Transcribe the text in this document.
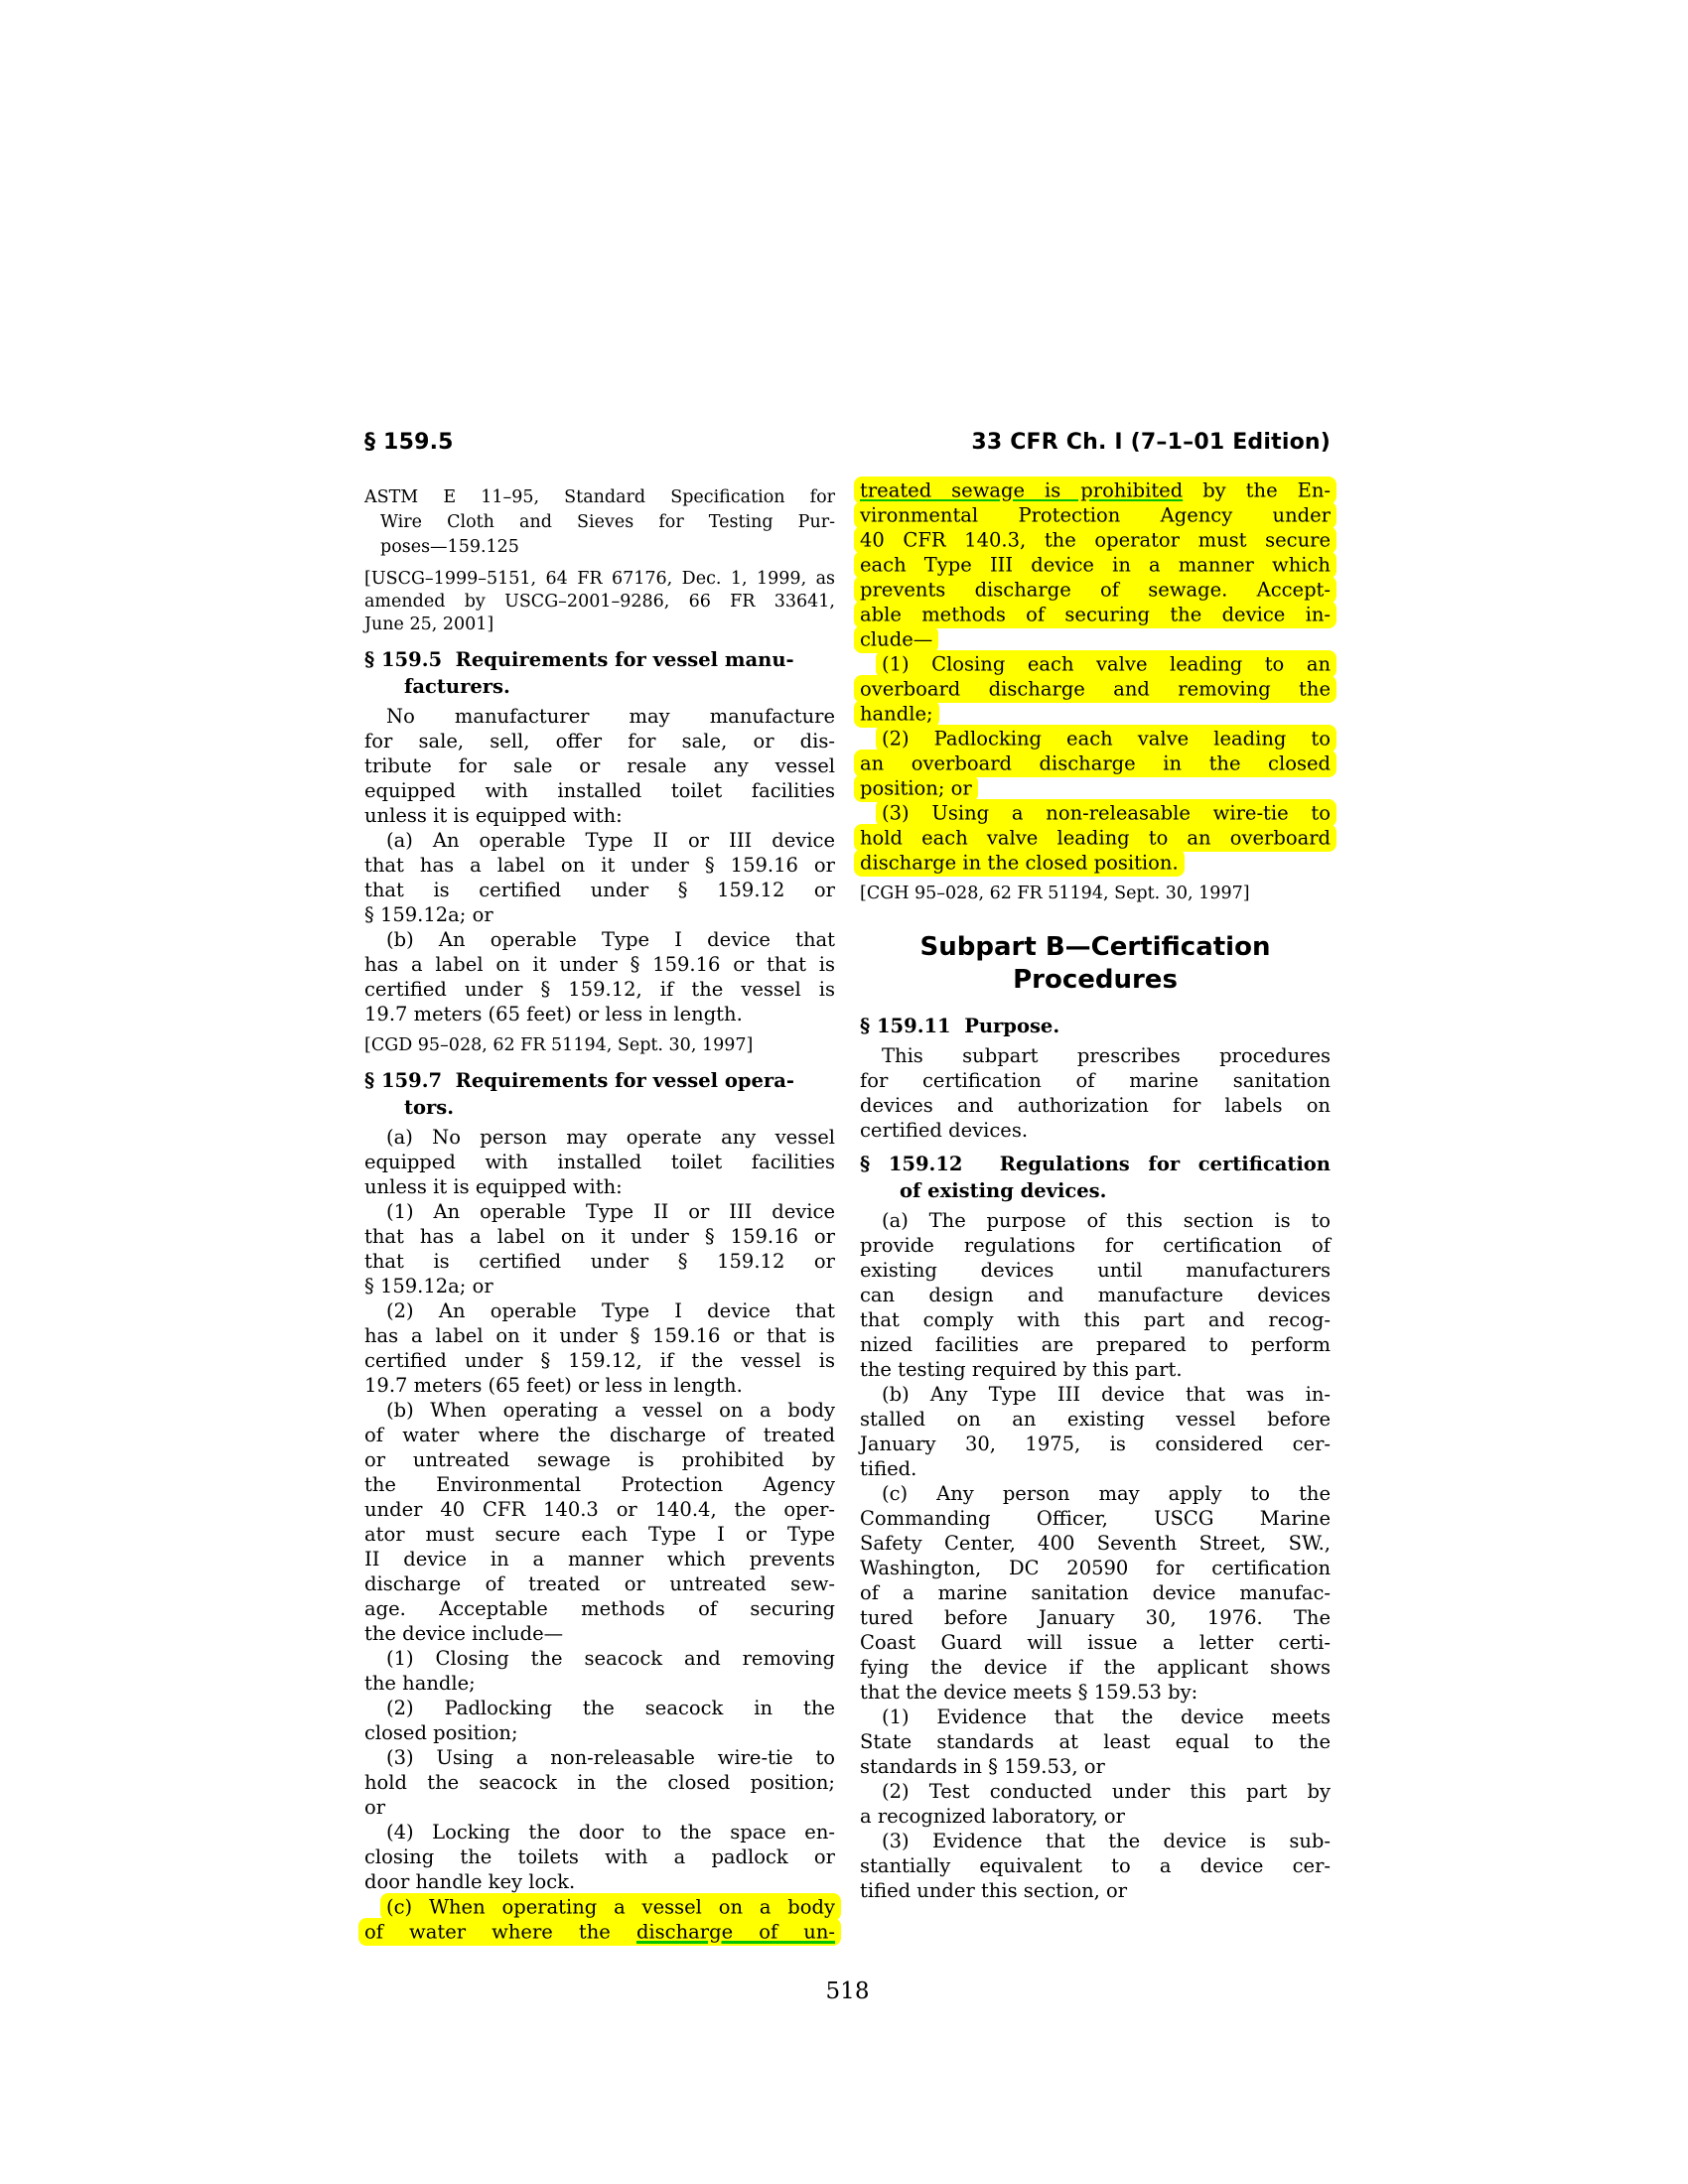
§ 159.5	33 CFR Ch. I (7–1–01 Edition)
ASTM E 11–95, Standard Specification for
Wire Cloth and Sieves for Testing Pur-
poses—159.125
[USCG–1999–5151, 64 FR 67176, Dec. 1, 1999, as
amended by USCG–2001–9286, 66 FR 33641,
June 25, 2001]
§ 159.5  Requirements for vessel manu-
facturers.
No manufacturer may manufacture
for sale, sell, offer for sale, or dis-
tribute for sale or resale any vessel
equipped with installed toilet facilities
unless it is equipped with:
(a) An operable Type II or III device
that has a label on it under § 159.16 or
that is certified under § 159.12 or
§ 159.12a; or
(b) An operable Type I device that
has a label on it under § 159.16 or that is
certified under § 159.12, if the vessel is
19.7 meters (65 feet) or less in length.
[CGD 95–028, 62 FR 51194, Sept. 30, 1997]
§ 159.7  Requirements for vessel opera-
tors.
(a) No person may operate any vessel
equipped with installed toilet facilities
unless it is equipped with:
(1) An operable Type II or III device
that has a label on it under § 159.16 or
that is certified under § 159.12 or
§ 159.12a; or
(2) An operable Type I device that
has a label on it under § 159.16 or that is
certified under § 159.12, if the vessel is
19.7 meters (65 feet) or less in length.
(b) When operating a vessel on a body
of water where the discharge of treated
or untreated sewage is prohibited by
the Environmental Protection Agency
under 40 CFR 140.3 or 140.4, the oper-
ator must secure each Type I or Type
II device in a manner which prevents
discharge of treated or untreated sew-
age. Acceptable methods of securing
the device include—
(1) Closing the seacock and removing
the handle;
(2) Padlocking the seacock in the
closed position;
(3) Using a non-releasable wire-tie to
hold the seacock in the closed position;
or
(4) Locking the door to the space en-
closing the toilets with a padlock or
door handle key lock.
(c) When operating a vessel on a body
of water where the discharge of un-
treated sewage is prohibited by the En-
vironmental Protection Agency under
40 CFR 140.3, the operator must secure
each Type III device in a manner which
prevents discharge of sewage. Accept-
able methods of securing the device in-
clude—
(1) Closing each valve leading to an
overboard discharge and removing the
handle;
(2) Padlocking each valve leading to
an overboard discharge in the closed
position; or
(3) Using a non-releasable wire-tie to
hold each valve leading to an overboard
discharge in the closed position.
[CGH 95–028, 62 FR 51194, Sept. 30, 1997]
Subpart B—Certification
Procedures
§ 159.11  Purpose.
This subpart prescribes procedures
for certification of marine sanitation
devices and authorization for labels on
certified devices.
§ 159.12  Regulations for certification
of existing devices.
(a) The purpose of this section is to
provide regulations for certification of
existing devices until manufacturers
can design and manufacture devices
that comply with this part and recog-
nized facilities are prepared to perform
the testing required by this part.
(b) Any Type III device that was in-
stalled on an existing vessel before
January 30, 1975, is considered cer-
tified.
(c) Any person may apply to the
Commanding Officer, USCG Marine
Safety Center, 400 Seventh Street, SW.,
Washington, DC 20590 for certification
of a marine sanitation device manufac-
tured before January 30, 1976. The
Coast Guard will issue a letter certi-
fying the device if the applicant shows
that the device meets § 159.53 by:
(1) Evidence that the device meets
State standards at least equal to the
standards in § 159.53, or
(2) Test conducted under this part by
a recognized laboratory, or
(3) Evidence that the device is sub-
stantially equivalent to a device cer-
tified under this section, or
518
